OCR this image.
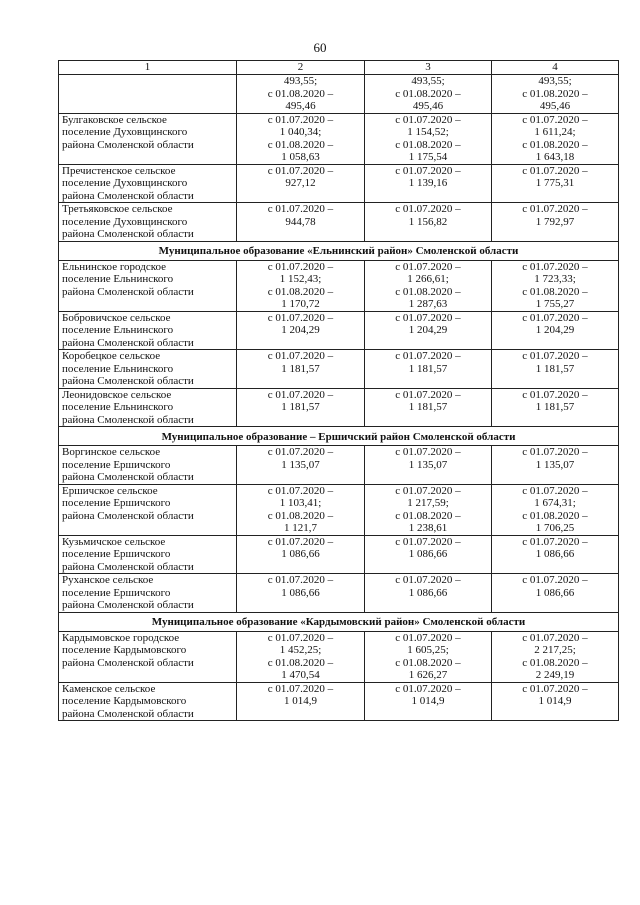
60
1	2	3	4
	493,55;
с 01.08.2020 –
495,46	493,55;
с 01.08.2020 –
495,46	493,55;
с 01.08.2020 –
495,46
Булгаковское сельское
поселение Духовщинского
района Смоленской области	с 01.07.2020 –
1 040,34;
с 01.08.2020 –
1 058,63	с 01.07.2020 –
1 154,52;
с 01.08.2020 –
1 175,54	с 01.07.2020 –
1 611,24;
с 01.08.2020 –
1 643,18
Пречистенское сельское
поселение Духовщинского
района Смоленской области	с 01.07.2020 –
927,12	с 01.07.2020 –
1 139,16	с 01.07.2020 –
1 775,31
Третьяковское сельское
поселение Духовщинского
района Смоленской области	с 01.07.2020 –
944,78	с 01.07.2020 –
1 156,82	с 01.07.2020 –
1 792,97
Муниципальное образование «Ельнинский район» Смоленской области			
Ельнинское городское
поселение Ельнинского
района Смоленской области	с 01.07.2020 –
1 152,43;
с 01.08.2020 –
1 170,72	с 01.07.2020 –
1 266,61;
с 01.08.2020 –
1 287,63	с 01.07.2020 –
1 723,33;
с 01.08.2020 –
1 755,27
Бобровичское сельское
поселение Ельнинского
района Смоленской области	с 01.07.2020 –
1 204,29	с 01.07.2020 –
1 204,29	с 01.07.2020 –
1 204,29
Коробецкое сельское
поселение Ельнинского
района Смоленской области	с 01.07.2020 –
1 181,57	с 01.07.2020 –
1 181,57	с 01.07.2020 –
1 181,57
Леонидовское сельское
поселение Ельнинского
района Смоленской области	с 01.07.2020 –
1 181,57	с 01.07.2020 –
1 181,57	с 01.07.2020 –
1 181,57
Муниципальное образование – Ершичский район Смоленской области			
Воргинское сельское
поселение Ершичского
района Смоленской области	с 01.07.2020 –
1 135,07	с 01.07.2020 –
1 135,07	с 01.07.2020 –
1 135,07
Ершичское сельское
поселение Ершичского
района Смоленской области	с 01.07.2020 –
1 103,41;
с 01.08.2020 –
1 121,7	с 01.07.2020 –
1 217,59;
с 01.08.2020 –
1 238,61	с 01.07.2020 –
1 674,31;
с 01.08.2020 –
1 706,25
Кузьмичское сельское
поселение Ершичского
района Смоленской области	с 01.07.2020 –
1 086,66	с 01.07.2020 –
1 086,66	с 01.07.2020 –
1 086,66
Руханское сельское
поселение Ершичского
района Смоленской области	с 01.07.2020 –
1 086,66	с 01.07.2020 –
1 086,66	с 01.07.2020 –
1 086,66
Муниципальное образование «Кардымовский район» Смоленской области			
Кардымовское городское
поселение Кардымовского
района Смоленской области	с 01.07.2020 –
1 452,25;
с 01.08.2020 –
1 470,54	с 01.07.2020 –
1 605,25;
с 01.08.2020 –
1 626,27	с 01.07.2020 –
2 217,25;
с 01.08.2020 –
2 249,19
Каменское сельское
поселение Кардымовского
района Смоленской области	с 01.07.2020 –
1 014,9	с 01.07.2020 –
1 014,9	с 01.07.2020 –
1 014,9
